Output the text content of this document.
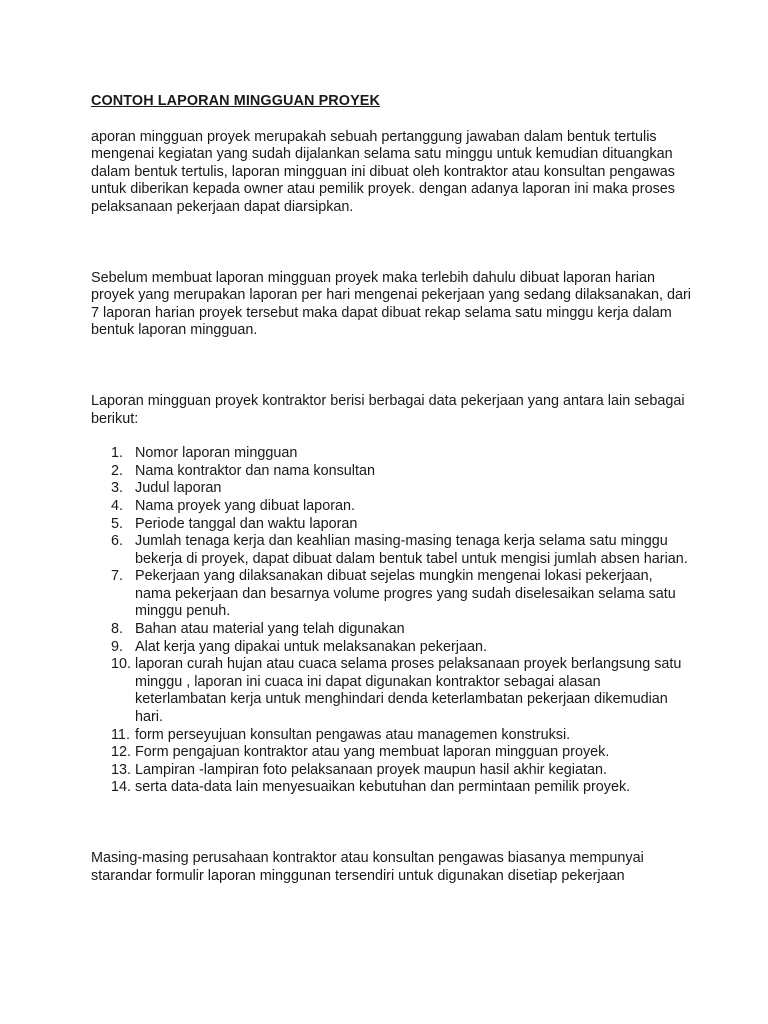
CONTOH LAPORAN MINGGUAN PROYEK

aporan mingguan proyek merupakah sebuah pertanggung jawaban dalam bentuk tertulis mengenai kegiatan yang sudah dijalankan selama satu minggu untuk kemudian dituangkan dalam bentuk tertulis, laporan mingguan ini dibuat oleh kontraktor atau konsultan pengawas untuk diberikan kepada owner atau pemilik proyek. dengan adanya laporan ini maka proses pelaksanaan pekerjaan dapat diarsipkan.

Sebelum membuat laporan mingguan proyek maka terlebih dahulu dibuat laporan harian proyek yang merupakan laporan per hari mengenai pekerjaan yang sedang dilaksanakan, dari 7 laporan harian proyek tersebut maka dapat dibuat rekap selama satu minggu kerja dalam bentuk laporan mingguan.

Laporan mingguan proyek kontraktor berisi berbagai data pekerjaan yang antara lain sebagai berikut:

1. Nomor laporan mingguan
2. Nama kontraktor dan nama konsultan
3. Judul laporan
4. Nama proyek yang dibuat laporan.
5. Periode tanggal dan waktu laporan
6. Jumlah tenaga kerja dan keahlian masing-masing tenaga kerja selama satu minggu bekerja di proyek, dapat dibuat dalam bentuk tabel untuk mengisi jumlah absen harian.
7. Pekerjaan yang dilaksanakan dibuat sejelas mungkin mengenai lokasi pekerjaan, nama pekerjaan dan besarnya volume progres yang sudah diselesaikan selama satu minggu penuh.
8. Bahan atau material yang telah digunakan
9. Alat kerja yang dipakai untuk melaksanakan pekerjaan.
10. laporan curah hujan atau cuaca selama proses pelaksanaan proyek berlangsung satu minggu , laporan ini cuaca ini dapat digunakan kontraktor sebagai alasan keterlambatan kerja untuk menghindari denda keterlambatan pekerjaan dikemudian hari.
11. form perseyujuan konsultan pengawas atau managemen konstruksi.
12. Form pengajuan kontraktor atau yang membuat laporan mingguan proyek.
13. Lampiran -lampiran foto pelaksanaan proyek maupun hasil akhir kegiatan.
14. serta data-data lain menyesuaikan kebutuhan dan permintaan pemilik proyek.

Masing-masing perusahaan kontraktor atau konsultan pengawas biasanya mempunyai starandar formulir laporan minggunan tersendiri untuk digunakan disetiap pekerjaan
